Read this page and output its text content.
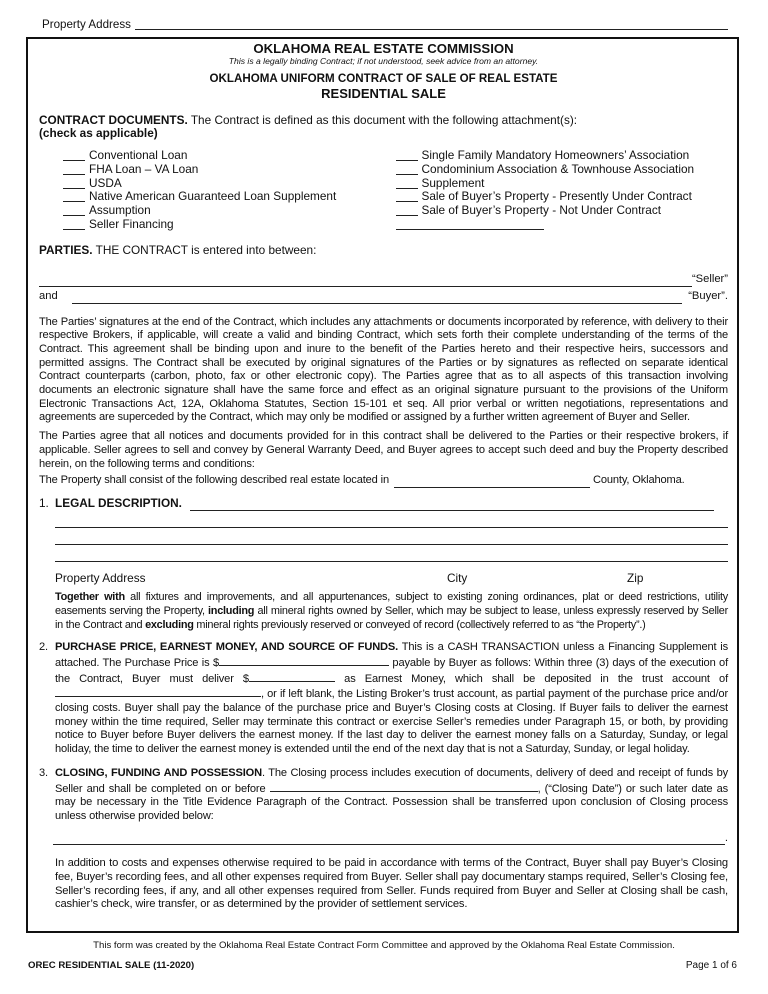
Property Address
OKLAHOMA REAL ESTATE COMMISSION
This is a legally binding Contract; if not understood, seek advice from an attorney.
OKLAHOMA UNIFORM CONTRACT OF SALE OF REAL ESTATE
RESIDENTIAL SALE
CONTRACT DOCUMENTS. The Contract is defined as this document with the following attachment(s):
(check as applicable)
Conventional Loan
FHA Loan – VA Loan
USDA
Native American Guaranteed Loan Supplement
Assumption
Seller Financing
Single Family Mandatory Homeowners’ Association
Condominium Association & Townhouse Association
Supplement
Sale of Buyer’s Property - Presently Under Contract
Sale of Buyer’s Property - Not Under Contract
PARTIES. THE CONTRACT is entered into between:
“Seller”
and	“Buyer”.
The Parties’ signatures at the end of the Contract, which includes any attachments or documents incorporated by reference, with delivery to their respective Brokers, if applicable, will create a valid and binding Contract, which sets forth their complete understanding of the terms of the Contract. This agreement shall be binding upon and inure to the benefit of the Parties hereto and their respective heirs, successors and permitted assigns. The Contract shall be executed by original signatures of the Parties or by signatures as reflected on separate identical Contract counterparts (carbon, photo, fax or other electronic copy). The Parties agree that as to all aspects of this transaction involving documents an electronic signature shall have the same force and effect as an original signature pursuant to the provisions of the Uniform Electronic Transactions Act, 12A, Oklahoma Statutes, Section 15-101 et seq. All prior verbal or written negotiations, representations and agreements are superceded by the Contract, which may only be modified or assigned by a further written agreement of Buyer and Seller.
The Parties agree that all notices and documents provided for in this contract shall be delivered to the Parties or their respective brokers, if applicable. Seller agrees to sell and convey by General Warranty Deed, and Buyer agrees to accept such deed and buy the Property described herein, on the following terms and conditions:
The Property shall consist of the following described real estate located in	County, Oklahoma.
1. LEGAL DESCRIPTION.
Property Address	City	Zip
Together with all fixtures and improvements, and all appurtenances, subject to existing zoning ordinances, plat or deed restrictions, utility easements serving the Property, including all mineral rights owned by Seller, which may be subject to lease, unless expressly reserved by Seller in the Contract and excluding mineral rights previously reserved or conveyed of record (collectively referred to as “the Property”.)
2. PURCHASE PRICE, EARNEST MONEY, AND SOURCE OF FUNDS. This is a CASH TRANSACTION unless a Financing Supplement is attached. The Purchase Price is $	payable by Buyer as follows: Within three (3) days of the execution of the Contract, Buyer must deliver $	as Earnest Money, which shall be deposited in the trust account of , or if left blank, the Listing Broker’s trust account, as partial payment of the purchase price and/or closing costs. Buyer shall pay the balance of the purchase price and Buyer’s Closing costs at Closing. If Buyer fails to deliver the earnest money within the time required, Seller may terminate this contract or exercise Seller’s remedies under Paragraph 15, or both, by providing notice to Buyer before Buyer delivers the earnest money. If the last day to deliver the earnest money falls on a Saturday, Sunday, or legal holiday, the time to deliver the earnest money is extended until the end of the next day that is not a Saturday, Sunday, or legal holiday.
3. CLOSING, FUNDING AND POSSESSION. The Closing process includes execution of documents, delivery of deed and receipt of funds by Seller and shall be completed on or before	, (“Closing Date”) or such later date as may be necessary in the Title Evidence Paragraph of the Contract. Possession shall be transferred upon conclusion of Closing process unless otherwise provided below:
.
In addition to costs and expenses otherwise required to be paid in accordance with terms of the Contract, Buyer shall pay Buyer’s Closing fee, Buyer’s recording fees, and all other expenses required from Buyer. Seller shall pay documentary stamps required, Seller’s Closing fee, Seller’s recording fees, if any, and all other expenses required from Seller. Funds required from Buyer and Seller at Closing shall be cash, cashier’s check, wire transfer, or as determined by the provider of settlement services.
This form was created by the Oklahoma Real Estate Contract Form Committee and approved by the Oklahoma Real Estate Commission.
OREC RESIDENTIAL SALE (11-2020)	Page 1 of 6
